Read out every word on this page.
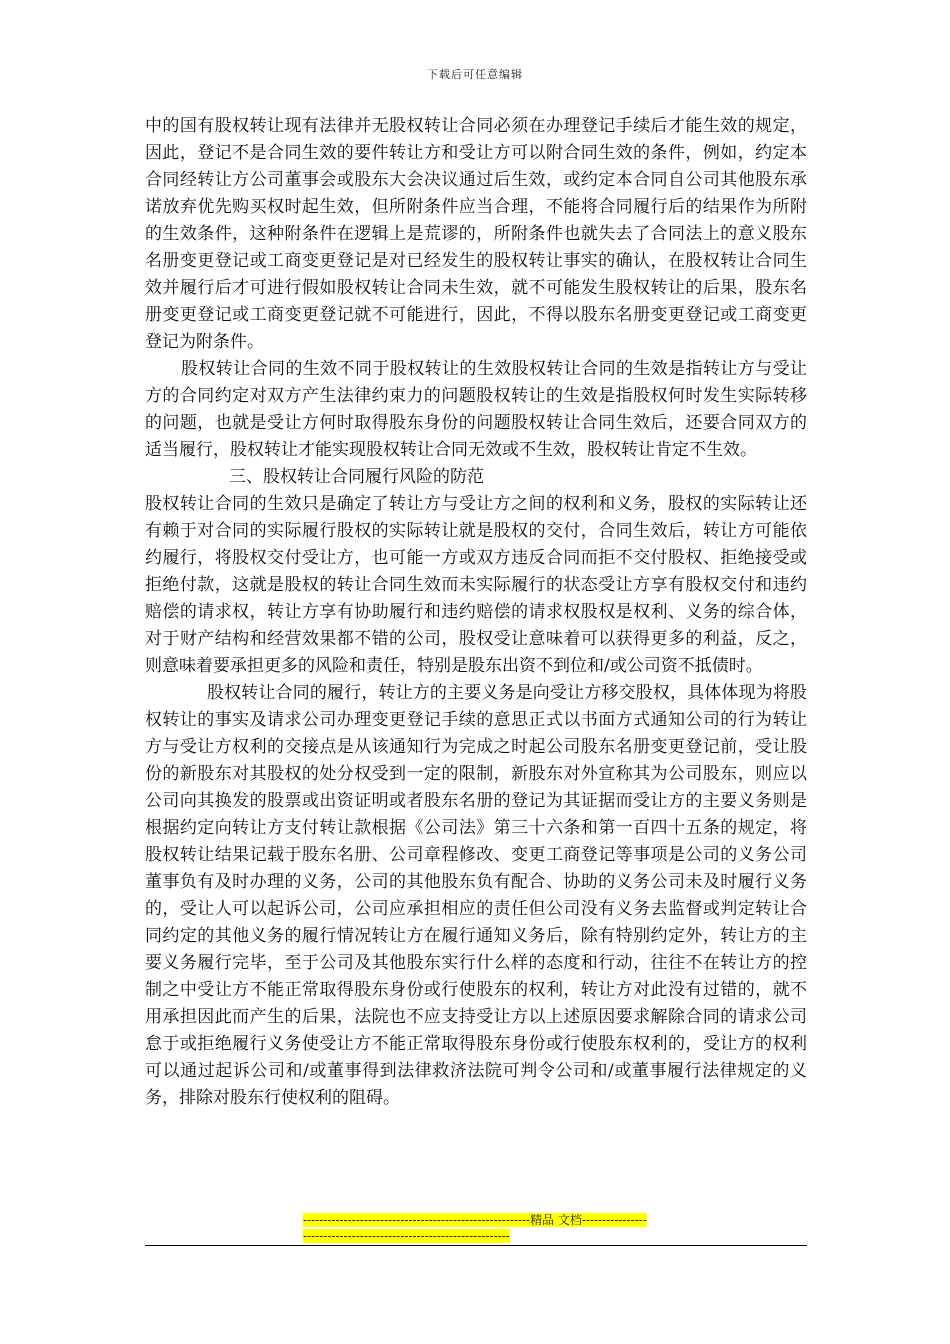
下载后可任意编辑

中的国有股权转让现有法律并无股权转让合同必须在办理登记手续后才能生效的规定，因此，登记不是合同生效的要件转让方和受让方可以附合同生效的条件，例如，约定本合同经转让方公司董事会或股东大会决议通过后生效，或约定本合同自公司其他股东承诺放弃优先购买权时起生效，但所附条件应当合理，不能将合同履行后的结果作为所附的生效条件，这种附条件在逻辑上是荒谬的，所附条件也就失去了合同法上的意义股东名册变更登记或工商变更登记是对已经发生的股权转让事实的确认，在股权转让合同生效并履行后才可进行假如股权转让合同未生效，就不可能发生股权转让的后果，股东名册变更登记或工商变更登记就不可能进行，因此，不得以股东名册变更登记或工商变更登记为附条件。

股权转让合同的生效不同于股权转让的生效股权转让合同的生效是指转让方与受让方的合同约定对双方产生法律约束力的问题股权转让的生效是指股权何时发生实际转移的问题，也就是受让方何时取得股东身份的问题股权转让合同生效后，还要合同双方的适当履行，股权转让才能实现股权转让合同无效或不生效，股权转让肯定不生效。

三、股权转让合同履行风险的防范

股权转让合同的生效只是确定了转让方与受让方之间的权利和义务，股权的实际转让还有赖于对合同的实际履行股权的实际转让就是股权的交付，合同生效后，转让方可能依约履行，将股权交付受让方，也可能一方或双方违反合同而拒不交付股权、拒绝接受或拒绝付款，这就是股权的转让合同生效而未实际履行的状态受让方享有股权交付和违约赔偿的请求权，转让方享有协助履行和违约赔偿的请求权股权是权利、义务的综合体，对于财产结构和经营效果都不错的公司，股权受让意味着可以获得更多的利益，反之，则意味着要承担更多的风险和责任，特别是股东出资不到位和/或公司资不抵债时。

股权转让合同的履行，转让方的主要义务是向受让方移交股权，具体体现为将股权转让的事实及请求公司办理变更登记手续的意思正式以书面方式通知公司的行为转让方与受让方权利的交接点是从该通知行为完成之时起公司股东名册变更登记前，受让股份的新股东对其股权的处分权受到一定的限制，新股东对外宣称其为公司股东，则应以公司向其换发的股票或出资证明或者股东名册的登记为其证据而受让方的主要义务则是根据约定向转让方支付转让款根据《公司法》第三十六条和第一百四十五条的规定，将股权转让结果记载于股东名册、公司章程修改、变更工商登记等事项是公司的义务公司董事负有及时办理的义务，公司的其他股东负有配合、协助的义务公司未及时履行义务的，受让人可以起诉公司，公司应承担相应的责任但公司没有义务去监督或判定转让合同约定的其他义务的履行情况转让方在履行通知义务后，除有特别约定外，转让方的主要义务履行完毕，至于公司及其他股东实行什么样的态度和行动，往往不在转让方的控制之中受让方不能正常取得股东身份或行使股东的权利，转让方对此没有过错的，就不用承担因此而产生的后果，法院也不应支持受让方以上述原因要求解除合同的请求公司怠于或拒绝履行义务使受让方不能正常取得股东身份或行使股东权利的，受让方的权利可以通过起诉公司和/或董事得到法律救济法院可判令公司和/或董事履行法律规定的义务，排除对股东行使权利的阻碍。

--------------------------------------------------------精品 文档-------------------------------------------------------------------
